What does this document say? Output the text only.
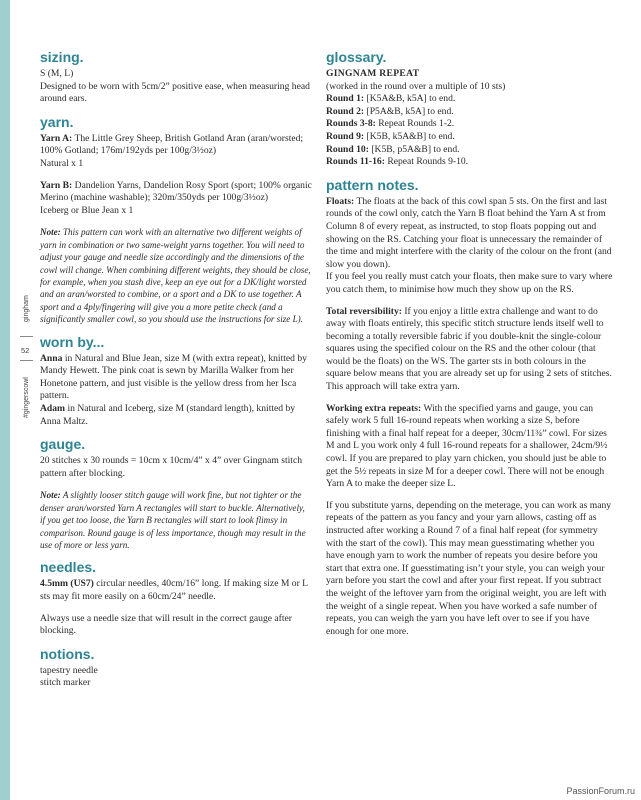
gingham
52
#gingerscowl
sizing.

S (M, L)

Designed to be worn with 5cm/2” positive ease, when measuring head around ears.

yarn.

Yarn A: The Little Grey Sheep, British Gotland Aran (aran/worsted; 100% Gotland; 176m/192yds per 100g/3½oz)

Natural x 1

Yarn B: Dandelion Yarns, Dandelion Rosy Sport (sport; 100% organic Merino (machine washable); 320m/350yds per 100g/3½oz)

Iceberg or Blue Jean x 1

Note: This pattern can work with an alternative two different weights of yarn in combination or two same-weight yarns together. You will need to adjust your gauge and needle size accordingly and the dimensions of the cowl will change. When combining different weights, they should be close, for example, when you stash dive, keep an eye out for a DK/light worsted and an aran/worsted to combine, or a sport and a DK to use together. A sport and a 4ply/fingering will give you a more petite check (and a significantly smaller cowl, so you should use the instructions for size L).

worn by...

Anna in Natural and Blue Jean, size M (with extra repeat), knitted by Mandy Hewett. The pink coat is sewn by Marilla Walker from her Honetone pattern, and just visible is the yellow dress from her Isca pattern.

Adam in Natural and Iceberg, size M (standard length), knitted by Anna Maltz.

gauge.

20 stitches x 30 rounds = 10cm x 10cm/4” x 4” over Gingnam stitch pattern after blocking.

Note: A slightly looser stitch gauge will work fine, but not tighter or the denser aran/worsted Yarn A rectangles will start to buckle. Alternatively, if you get too loose, the Yarn B rectangles will start to look flimsy in comparison. Round gauge is of less importance, though may result in the use of more or less yarn.

needles.

4.5mm (US7) circular needles, 40cm/16” long. If making size M or L sts may fit more easily on a 60cm/24” needle.

Always use a needle size that will result in the correct gauge after blocking.

notions.

tapestry needle

stitch marker

glossary.

GINGNAM REPEAT

(worked in the round over a multiple of 10 sts)

Round 1: [K5A&B, k5A] to end.

Round 2: [P5A&B, k5A] to end.

Rounds 3-8: Repeat Rounds 1-2.

Round 9: [K5B, k5A&B] to end.

Round 10: [K5B, p5A&B] to end.

Rounds 11-16: Repeat Rounds 9-10.

pattern notes.

Floats: The floats at the back of this cowl span 5 sts. On the first and last rounds of the cowl only, catch the Yarn B float behind the Yarn A st from Column 8 of every repeat, as instructed, to stop floats popping out and showing on the RS. Catching your float is unnecessary the remainder of the time and might interfere with the clarity of the colour on the front (and slow you down).

If you feel you really must catch your floats, then make sure to vary where you catch them, to minimise how much they show up on the RS.

Total reversibility: If you enjoy a little extra challenge and want to do away with floats entirely, this specific stitch structure lends itself well to becoming a totally reversible fabric if you double-knit the single-colour squares using the specified colour on the RS and the other colour (that would be the floats) on the WS. The garter sts in both colours in the square below means that you are already set up for using 2 sets of stitches. This approach will take extra yarn.

Working extra repeats: With the specified yarns and gauge, you can safely work 5 full 16-round repeats when working a size S, before finishing with a final half repeat for a deeper, 30cm/11¾” cowl. For sizes M and L you work only 4 full 16-round repeats for a shallower, 24cm/9½ cowl. If you are prepared to play yarn chicken, you should just be able to get the 5½ repeats in size M for a deeper cowl. There will not be enough Yarn A to make the deeper size L.

If you substitute yarns, depending on the meterage, you can work as many repeats of the pattern as you fancy and your yarn allows, casting off as instructed after working a Round 7 of a final half repeat (for symmetry with the start of the cowl). This may mean guesstimating whether you have enough yarn to work the number of repeats you desire before you start that extra one. If guesstimating isn’t your style, you can weigh your yarn before you start the cowl and after your first repeat. If you subtract the weight of the leftover yarn from the original weight, you are left with the weight of a single repeat. When you have worked a safe number of repeats, you can weigh the yarn you have left over to see if you have enough for one more.

PassionForum.ru
